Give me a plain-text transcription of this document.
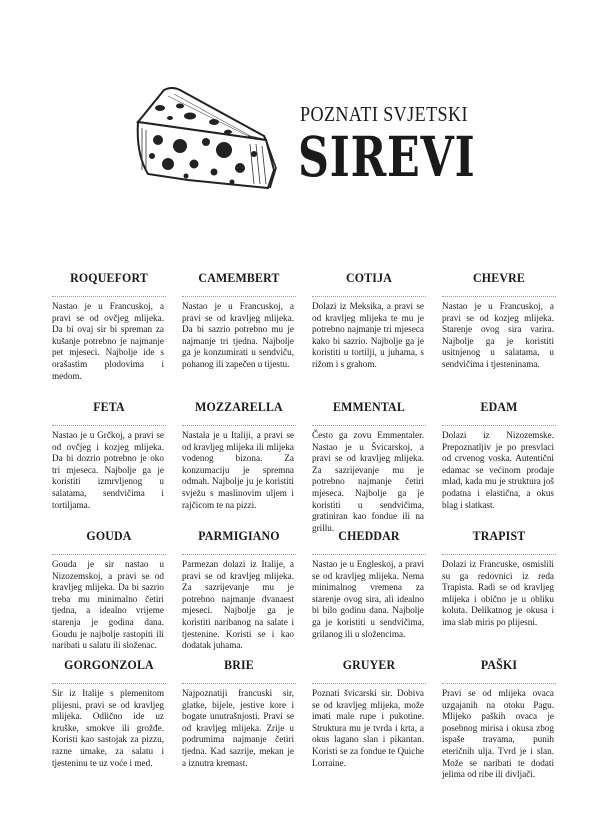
POZNATI SVJETSKI
SIREVI
ROQUEFORT

Nastao je u Francuskoj, a pravi se od ovčjeg mlijeka. Da bi ovaj sir bi spreman za kušanje potrebno je najmanje pet mjeseci. Najbolje ide s orašastim plodovima i medom.

CAMEMBERT

Nastao je u Francuskoj, a pravi se od kravljeg mlijeka. Da bi sazrio potrebno mu je najmanje tri tjedna. Najbolje ga je konzumirati u sendviču, pohanog ili zapečen u tijestu.

COTIJA

Dolazi iz Meksika, a pravi se od kravljeg mlijeka te mu je potrebno najmanje tri mjeseca kako bi sazrio. Najbolje ga je koristiti u tortilji, u juhama, s rižom i s grahom.

CHEVRE

Nastao je u Francuskoj, a pravi se od kozjeg mlijeka. Starenje ovog sira varira. Najbolje ga je koristiti usitnjenog u salatama, u sendvičima i tjesteninama.

FETA

Nastao je u Grčkoj, a pravi se od ovčjeg i kozjeg mlijeka. Da bi dozrio potrebno je oko tri mjeseca. Najbolje ga je koristiti izmrvljenog u salatama, sendvičima i tortiljama.

MOZZARELLA

Nastala je u Italiji, a pravi se od kravljeg mlijeka ili mlijeka vodenog bizona. Za konzumaciju je spremna odmah. Najbolje ju je koristiti svježu s maslinovim uljem i rajčicom te na pizzi.

EMMENTAL

Često ga zovu Emmentaler. Nastao je u Švicarskoj, a pravi se od kravljeg mlijeka. Za sazrijevanje mu je potrebno najmanje četiri mjeseca. Najbolje ga je koristiti u sendvičima, gratiniran kao fondue ili na grillu.

EDAM

Dolazi iz Nizozemske. Prepoznatljiv je po presvlaci od crvenog voska. Autentični edamac se većinom prodaje mlad, kada mu je struktura još podatna i elastična, a okus blag i slatkast.

GOUDA

Gouda je sir nastao u Nizozemskoj, a pravi se od kravljeg mlijeka. Da bi sazrio treba mu minimalno četiri tjedna, a idealno vrijeme starenja je godina dana. Goudu je najbolje rastopiti ili naribati u salatu ili složenac.

PARMIGIANO

Parmezan dolazi iz Italije, a pravi se od kravljeg mlijeka. Za sazrijevanje mu je potrebno najmanje dvanaest mjeseci. Najbolje ga je koristiti naribanog na salate i tjestenine. Koristi se i kao dodatak juhama.

CHEDDAR

Nastao je u Engleskoj, a pravi se od kravljeg mlijeka. Nema minimalnog vremena za starenje ovog sira, ali idealno bi bilo godinu dana. Najbolje ga je koristiti u sendvičima, grilanog ili u složencima.

TRAPIST

Dolazi iz Francuske, osmislili su ga redovnici iz reda Trapista. Radi se od kravljeg mlijeka i obično je u obliku koluta. Delikatnog je okusa i ima slab miris po plijesni.

GORGONZOLA

Sir iz Italije s plemenitom plijesni, pravi se od kravljeg mlijeka. Odlično ide uz kruške, smokve ili grožđe. Koristi kao sastojak za pizzu, razne umake, za salatu i tjesteninu te uz voće i med.

BRIE

Najpoznatiji francuski sir, glatke, bijele, jestive kore i bogate unutrašnjosti. Pravi se od kravljeg mlijeka. Zrije u podrumima najmanje četiri tjedna. Kad sazrije, mekan je a iznutra kremast.

GRUYER

Poznati švicarski sir. Dobiva se od kravljeg mlijeka, može imati male rupe i pukotine. Struktura mu je tvrda i krta, a okus lagano slan i pikantan. Koristi se za fondue te Quiche Lorraine.

PAŠKI

Pravi se od mlijeka ovaca uzgajanih na otoku Pagu. Mlijeko paških ovaca je posebnog mirisa i okusa zbog ispaše travama, punih eteričnih ulja. Tvrd je i slan. Može se naribati te dodati jelima od ribe ili divljači.
